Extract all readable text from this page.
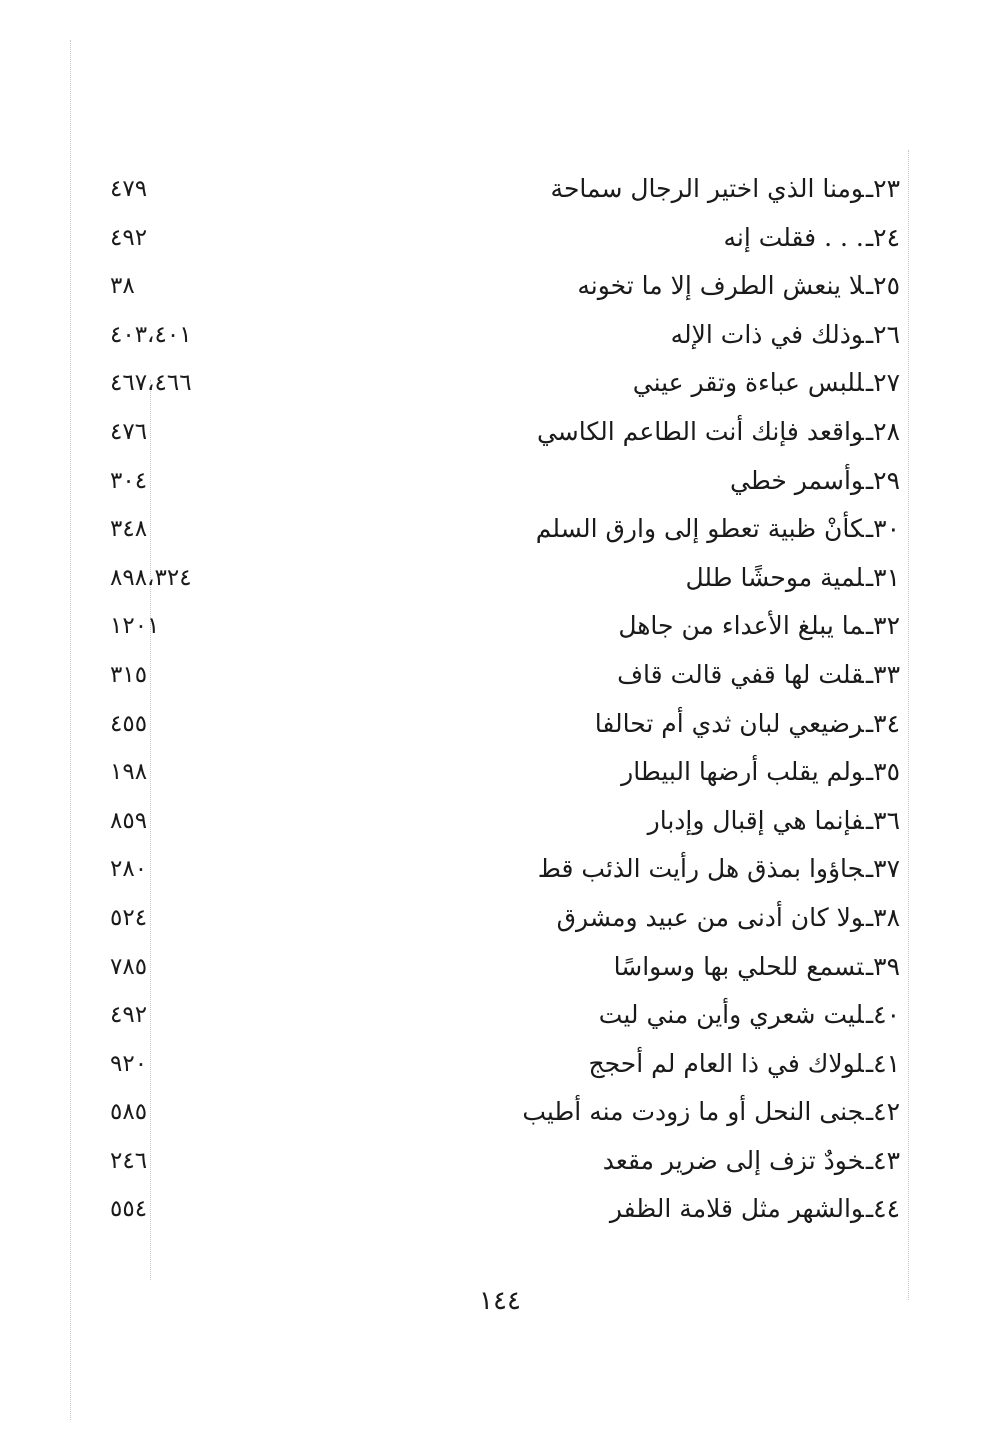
٢٣ـومنا الذي اختير الرجال سماحة
٤٧٩
٢٤ـ. . . فقلت إنه
٤٩٢
٢٥ـلا ينعش الطرف إلا ما تخونه
٣٨
٢٦ـوذلك في ذات الإله
٤٠٣،٤٠١
٢٧ـللبس عباءة وتقر عيني
٤٦٧،٤٦٦
٢٨ـواقعد فإنك أنت الطاعم الكاسي
٤٧٦
٢٩ـوأسمر خطي
٣٠٤
٣٠ـكأنْ ظبية تعطو إلى وارق السلم
٣٤٨
٣١ـلمية موحشًا طلل
٨٩٨،٣٢٤
٣٢ـما يبلغ الأعداء من جاهل
١٢٠١
٣٣ـقلت لها قفي قالت قاف
٣١٥
٣٤ـرضيعي لبان ثدي أم تحالفا
٤٥٥
٣٥ـولم يقلب أرضها البيطار
١٩٨
٣٦ـفإنما هي إقبال وإدبار
٨٥٩
٣٧ـجاؤوا بمذق هل رأيت الذئب قط
٢٨٠
٣٨ـولا كان أدنى من عبيد ومشرق
٥٢٤
٣٩ـتسمع للحلي بها وسواسًا
٧٨٥
٤٠ـليت شعري وأين مني ليت
٤٩٢
٤١ـلولاك في ذا العام لم أحجج
٩٢٠
٤٢ـجنى النحل أو ما زودت منه أطيب
٥٨٥
٤٣ـخودٌ تزف إلى ضرير مقعد
٢٤٦
٤٤ـوالشهر مثل قلامة الظفر
٥٥٤
١٤٤
